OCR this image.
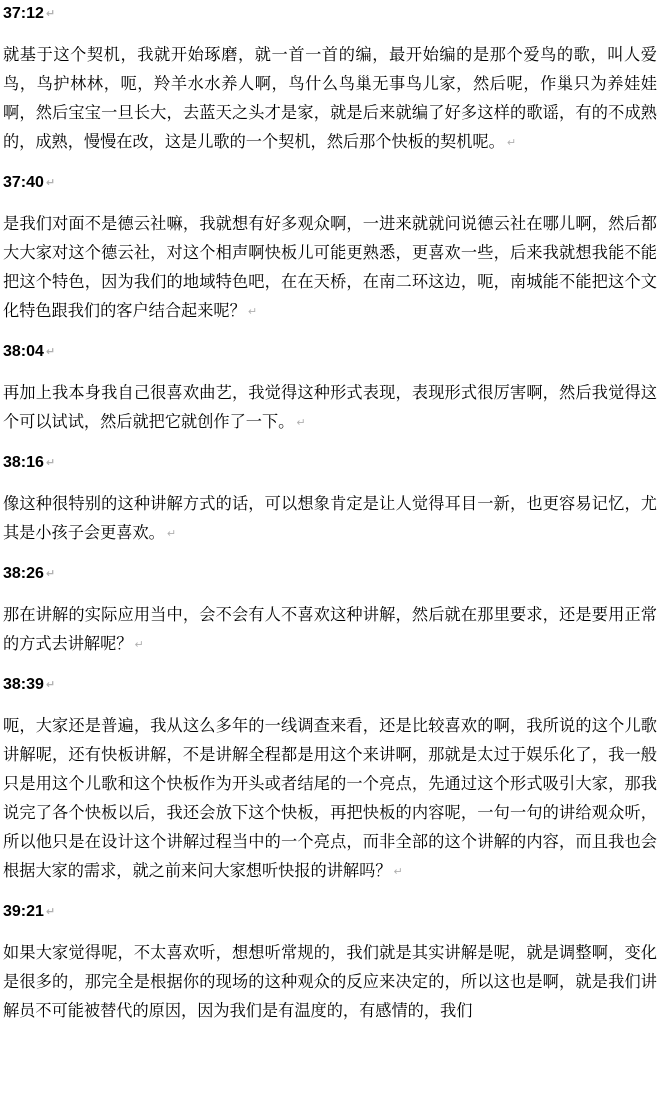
37:12 ↵

就基于这个契机，我就开始琢磨，就一首一首的编，最开始编的是那个爱鸟的歌，叫人爱鸟，鸟护林林，呃，羚羊水水养人啊，鸟什么鸟巢无事鸟儿家，然后呢，作巢只为养娃娃啊，然后宝宝一旦长大，去蓝天之头才是家，就是后来就编了好多这样的歌谣，有的不成熟的，成熟，慢慢在改，这是儿歌的一个契机，然后那个快板的契机呢。 ↵

37:40 ↵

是我们对面不是德云社嘛，我就想有好多观众啊，一进来就就问说德云社在哪儿啊，然后都大大家对这个德云社，对这个相声啊快板儿可能更熟悉，更喜欢一些，后来我就想我能不能把这个特色，因为我们的地域特色吧，在在天桥，在南二环这边，呃，南城能不能把这个文化特色跟我们的客户结合起来呢？ ↵

38:04 ↵

再加上我本身我自己很喜欢曲艺，我觉得这种形式表现，表现形式很厉害啊，然后我觉得这个可以试试，然后就把它就创作了一下。 ↵

38:16 ↵

像这种很特别的这种讲解方式的话，可以想象肯定是让人觉得耳目一新，也更容易记忆，尤其是小孩子会更喜欢。 ↵

38:26 ↵

那在讲解的实际应用当中，会不会有人不喜欢这种讲解，然后就在那里要求，还是要用正常的方式去讲解呢？ ↵

38:39 ↵

呃，大家还是普遍，我从这么多年的一线调查来看，还是比较喜欢的啊，我所说的这个儿歌讲解呢，还有快板讲解，不是讲解全程都是用这个来讲啊，那就是太过于娱乐化了，我一般只是用这个儿歌和这个快板作为开头或者结尾的一个亮点，先通过这个形式吸引大家，那我说完了各个快板以后，我还会放下这个快板，再把快板的内容呢，一句一句的讲给观众听，所以他只是在设计这个讲解过程当中的一个亮点，而非全部的这个讲解的内容，而且我也会根据大家的需求，就之前来问大家想听快报的讲解吗？ ↵

39:21 ↵

如果大家觉得呢，不太喜欢听，想想听常规的，我们就是其实讲解是呢，就是调整啊，变化是很多的，那完全是根据你的现场的这种观众的反应来决定的，所以这也是啊，就是我们讲解员不可能被替代的原因，因为我们是有温度的，有感情的，我们
